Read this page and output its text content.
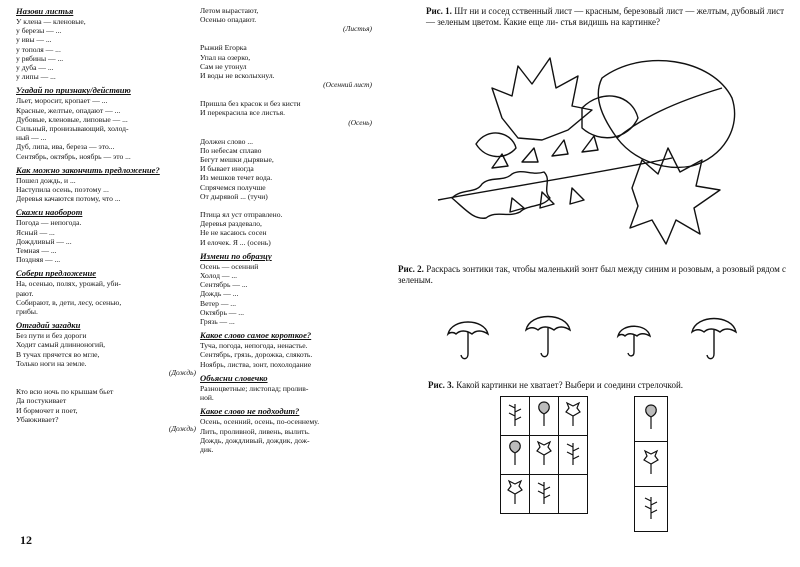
Назови листья

У клена — кленовые,

у березы — ...

у ивы — ...

у тополя — ...

у рябины — ...

у дуба — ...

у липы — ...

Угадай по признаку/действию

Льет, моросит, кропает — ...

Красные, желтые, опадают — ...

Дубовые, кленовые, липовые — ...

Сильный, пронизывающий, холод-

ный — ...

Дуб, липа, ива, береза — это...

Сентябрь, октябрь, ноябрь — это ...

Как можно закончить предложение?

Пошел дождь, и ...

Наступила осень, поэтому ...

Деревья качаются потому, что ...

Скажи наоборот

Погода — непогода.

Ясный — ...

Дождливый — ...

Темная — ...

Поздняя — ...

Собери предложение

На, осенью, полях, урожай, уби-

рают.

Собирают, в, дети, лесу, осенью,

грибы.

Отгадай загадки

Без пути и без дороги

Ходит самый длинноногий,

В тучах прячется во мгле,

Только ноги на земле.

(Дождь)

Кто всю ночь по крышам бьет

Да постукивает

И бормочет и поет,

Убаюкивает?

(Дождь)

Летом вырастают,

Осенью опадают.

(Листья)

Рыжий Егорка

Упал на озерко,

Сам не утонул

И воды не всколыхнул.

(Осенний лист)

Пришла без красок и без кисти

И перекрасила все листья.

(Осень)

Должен слово ...

По небесам сплаво

Бегут мешки дырявые,

И бывает иногда

Из мешков течет вода.

Спрячемся получше

От дырявой ... (тучи)

Птица ял уст отправлено.

Деревья раздевало,

Не не касаюсь сосен

И елочек. Я ... (осень)

Измени по образцу

Осень — осенний

Холод — ...

Сентябрь — ...

Дождь — ...

Ветер — ...

Октябрь — ...

Грязь — ...

Какое слово самое короткое?

Туча, погода, непогода, ненастье.

Сентябрь, грязь, дорожка, слякоть.

Ноябрь, листва, зонт, похолодание

Объясни словечко

Разноцветные; листопад; пролив-

ной.

Какое слово не подходит?

Осень, осенний, осень, по-осеннему.

Лить, проливной, ливень, вылить.

Дождь, дождливый, дождик, дож-

дик.

12

Рис. 1. Шт ни и сосед сственный лист — красным, березовый лист — желтым, дубовый лист — зеленым цветом. Какие еще ли- стья видишь на картинке?

Рис. 2. Раскрась зонтики так, чтобы маленький зонт был между синим и розовым, а розовый рядом с зеленым.

Рис. 3. Какой картинки не хватает? Выбери и соедини стрелочкой.
